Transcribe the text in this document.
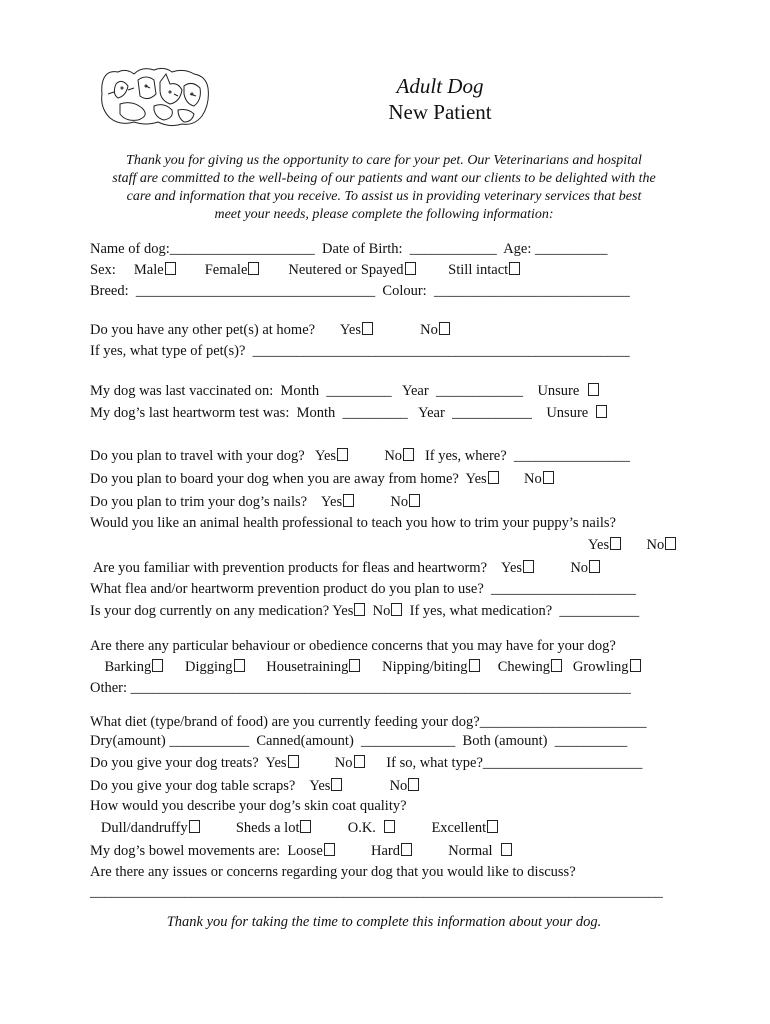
Adult Dog
New Patient
Thank you for giving us the opportunity to care for your pet. Our Veterinarians and hospital
staff are committed to the well-being of our patients and want our clients to be delighted with the
care and information that you receive. To assist us in providing veterinary services that best
meet your needs, please complete the following information:
Name of dog:____________________  Date of Birth:  ____________  Age: __________
Sex:     Male        Female        Neutered or Spayed         Still intact
Breed:  _________________________________  Colour:  ___________________________
Do you have any other pet(s) at home?       Yes             No
If yes, what type of pet(s)?  ____________________________________________________
My dog was last vaccinated on:  Month  _________   Year  ____________    Unsure
My dog’s last heartworm test was:  Month  _________   Year  ___________    Unsure
Do you plan to travel with your dog?   Yes          No   If yes, where?  ________________
Do you plan to board your dog when you are away from home?  Yes       No
Do you plan to trim your dog’s nails?    Yes          No
Would you like an animal health professional to teach you how to trim your puppy’s nails?
Yes       No
Are you familiar with prevention products for fleas and heartworm?    Yes          No
What flea and/or heartworm prevention product do you plan to use?  ____________________
Is your dog currently on any medication? Yes  No  If yes, what medication?  ___________
Are there any particular behaviour or obedience concerns that you may have for your dog?
Barking      Digging      Housetraining      Nipping/biting     Chewing   Growling
Other: _____________________________________________________________________
What diet (type/brand of food) are you currently feeding your dog?_______________________
Dry(amount) ___________  Canned(amount)  _____________  Both (amount)  __________
Do you give your dog treats?  Yes          No      If so, what type?______________________
Do you give your dog table scraps?    Yes             No
How would you describe your dog’s skin coat quality?
Dull/dandruffy          Sheds a lot          O.K.            Excellent
My dog’s bowel movements are:  Loose          Hard          Normal
Are there any issues or concerns regarding your dog that you would like to discuss?
_______________________________________________________________________________
Thank you for taking the time to complete this information about your dog.
